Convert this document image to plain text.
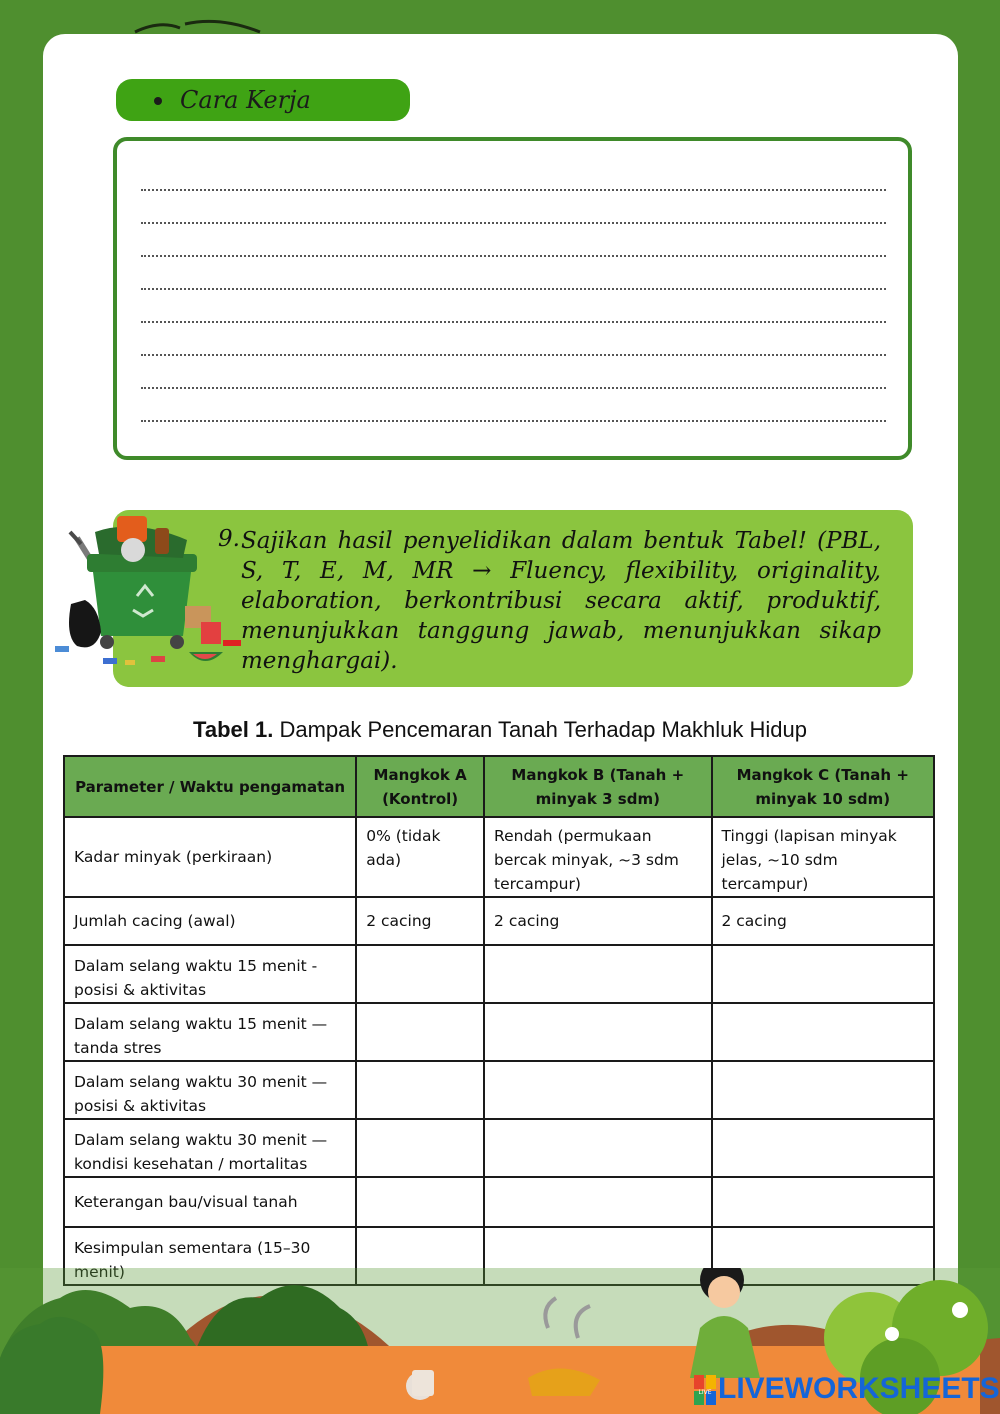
Cara Kerja
9. Sajikan hasil penyelidikan dalam bentuk Tabel! (PBL, S, T, E, M, MR → Fluency, flexibility, originality, elaboration, berkontribusi secara aktif, produktif, menunjukkan tanggung jawab, menunjukkan sikap menghargai).

Tabel 1. Dampak Pencemaran Tanah Terhadap Makhluk Hidup
Parameter / Waktu pengamatan	Mangkok A (Kontrol)	Mangkok B (Tanah + minyak 3 sdm)	Mangkok C (Tanah + minyak 10 sdm)
Kadar minyak (perkiraan)	0% (tidak ada)	Rendah (permukaan bercak minyak, ~3 sdm tercampur)	Tinggi (lapisan minyak jelas, ~10 sdm tercampur)
Jumlah cacing (awal)	2 cacing	2 cacing	2 cacing
Dalam selang waktu 15 menit - posisi & aktivitas			
Dalam selang waktu 15 menit — tanda stres			
Dalam selang waktu 30 menit — posisi & aktivitas			
Dalam selang waktu 30 menit — kondisi kesehatan / mortalitas			
Keterangan bau/visual tanah			
Kesimpulan sementara (15–30 menit)			
LIVE LIVEWORKSHEETS
